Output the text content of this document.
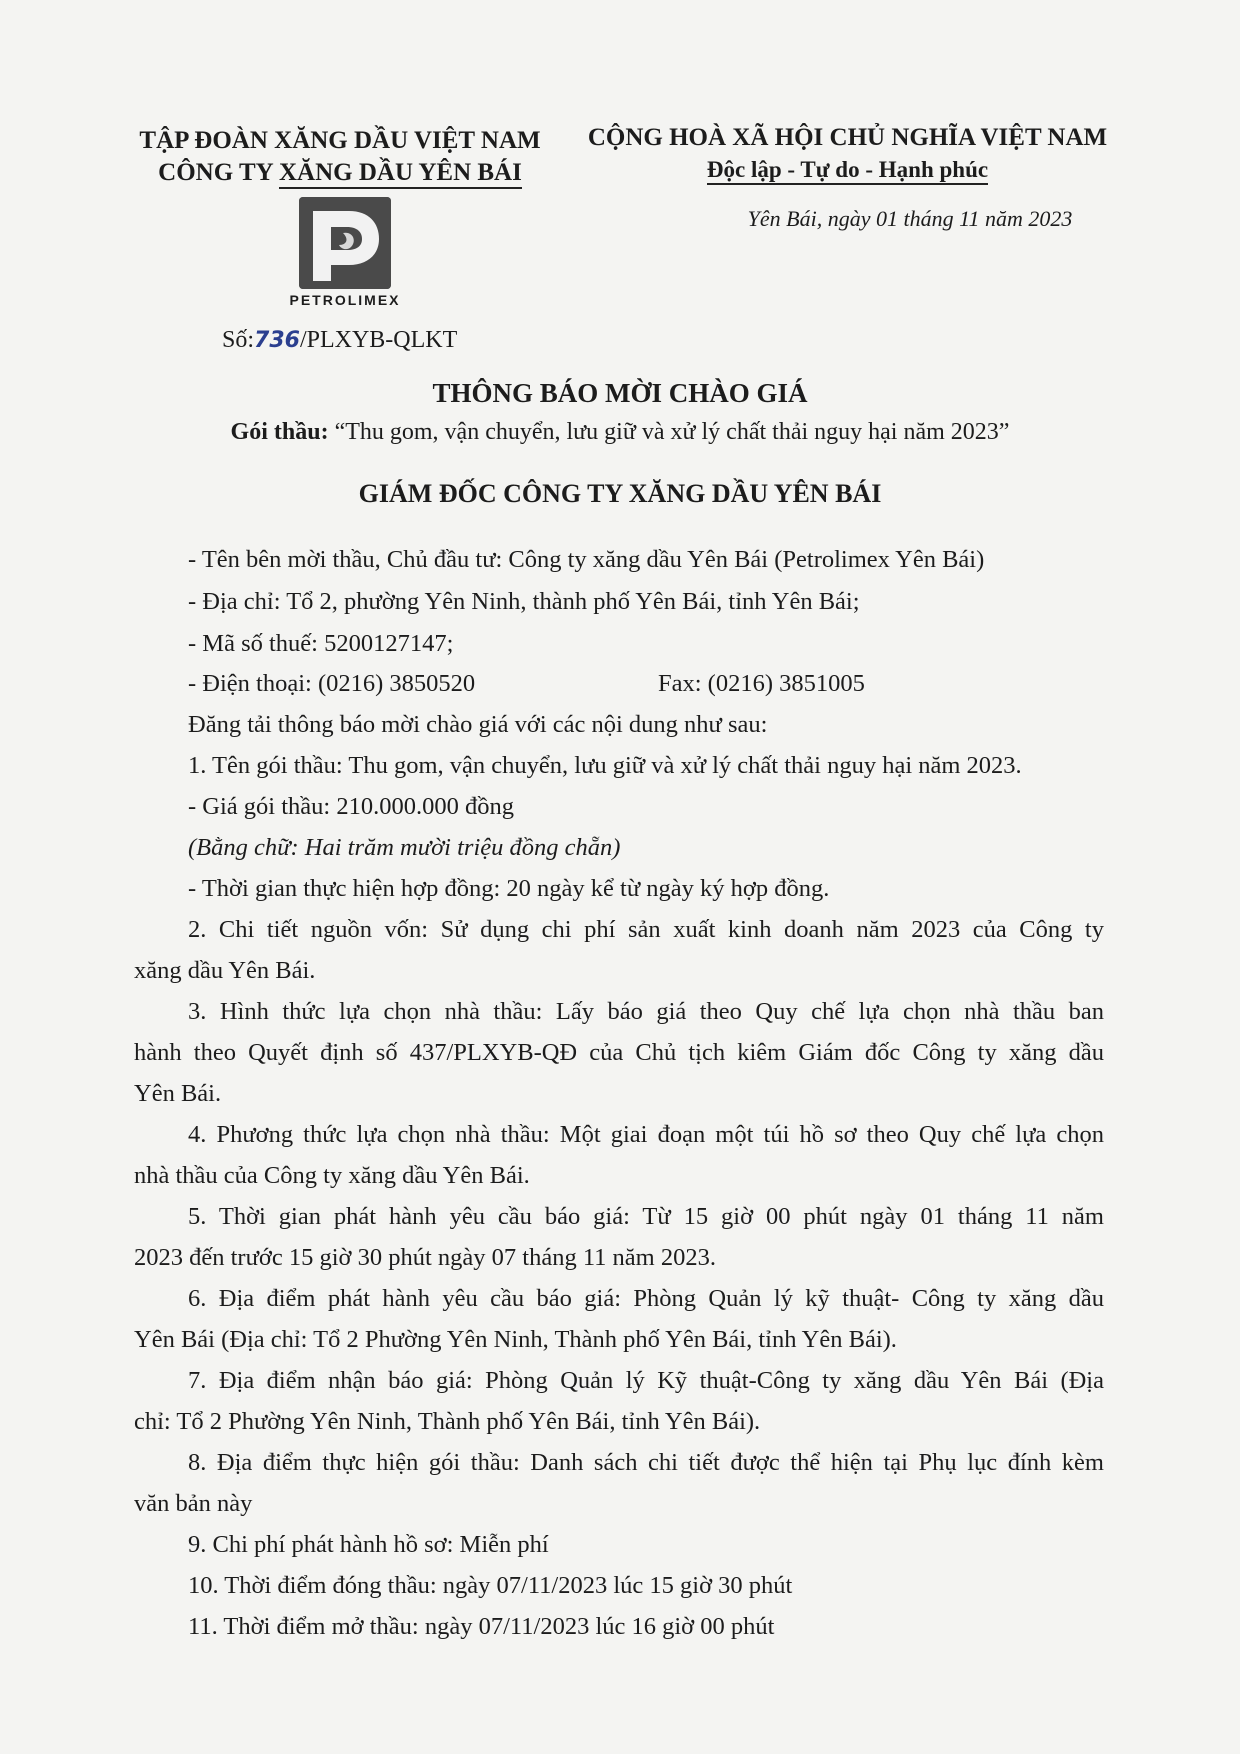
TẬP ĐOÀN XĂNG DẦU VIỆT NAM
CÔNG TY XĂNG DẦU YÊN BÁI
CỘNG HOÀ XÃ HỘI CHỦ NGHĨA VIỆT NAM
Độc lập - Tự do - Hạnh phúc
Yên Bái, ngày 01 tháng 11 năm 2023
PETROLIMEX
Số:736/PLXYB-QLKT
THÔNG BÁO MỜI CHÀO GIÁ
Gói thầu: “Thu gom, vận chuyển, lưu giữ và xử lý chất thải nguy hại năm 2023”
GIÁM ĐỐC CÔNG TY XĂNG DẦU YÊN BÁI
- Tên bên mời thầu, Chủ đầu tư: Công ty xăng dầu Yên Bái (Petrolimex Yên Bái)
- Địa chỉ: Tổ 2, phường Yên Ninh, thành phố Yên Bái, tỉnh Yên Bái;
- Mã số thuế: 5200127147;
- Điện thoại: (0216) 3850520	Fax: (0216) 3851005
Đăng tải thông báo mời chào giá với các nội dung như sau:
1. Tên gói thầu: Thu gom, vận chuyển, lưu giữ và xử lý chất thải nguy hại năm 2023.
- Giá gói thầu: 210.000.000 đồng
(Bằng chữ: Hai trăm mười triệu đồng chẵn)
- Thời gian thực hiện hợp đồng: 20 ngày kể từ ngày ký hợp đồng.
2. Chi tiết nguồn vốn: Sử dụng chi phí sản xuất kinh doanh năm 2023 của Công ty
xăng dầu Yên Bái.
3. Hình thức lựa chọn nhà thầu: Lấy báo giá theo Quy chế lựa chọn nhà thầu ban
hành theo Quyết định số 437/PLXYB-QĐ của Chủ tịch kiêm Giám đốc Công ty xăng dầu
Yên Bái.
4. Phương thức lựa chọn nhà thầu: Một giai đoạn một túi hồ sơ theo Quy chế lựa chọn
nhà thầu của Công ty xăng dầu Yên Bái.
5. Thời gian phát hành yêu cầu báo giá: Từ 15 giờ 00 phút ngày 01 tháng 11 năm
2023 đến trước 15 giờ 30 phút ngày 07 tháng 11 năm 2023.
6. Địa điểm phát hành yêu cầu báo giá: Phòng Quản lý kỹ thuật- Công ty xăng dầu
Yên Bái (Địa chỉ: Tổ 2 Phường Yên Ninh, Thành phố Yên Bái, tỉnh Yên Bái).
7. Địa điểm nhận báo giá: Phòng Quản lý Kỹ thuật-Công ty xăng dầu Yên Bái (Địa
chỉ: Tổ 2 Phường Yên Ninh, Thành phố Yên Bái, tỉnh Yên Bái).
8. Địa điểm thực hiện gói thầu: Danh sách chi tiết được thể hiện tại Phụ lục đính kèm
văn bản này
9. Chi phí phát hành hồ sơ: Miễn phí
10. Thời điểm đóng thầu: ngày 07/11/2023 lúc 15 giờ 30 phút
11. Thời điểm mở thầu: ngày 07/11/2023 lúc 16 giờ 00 phút
